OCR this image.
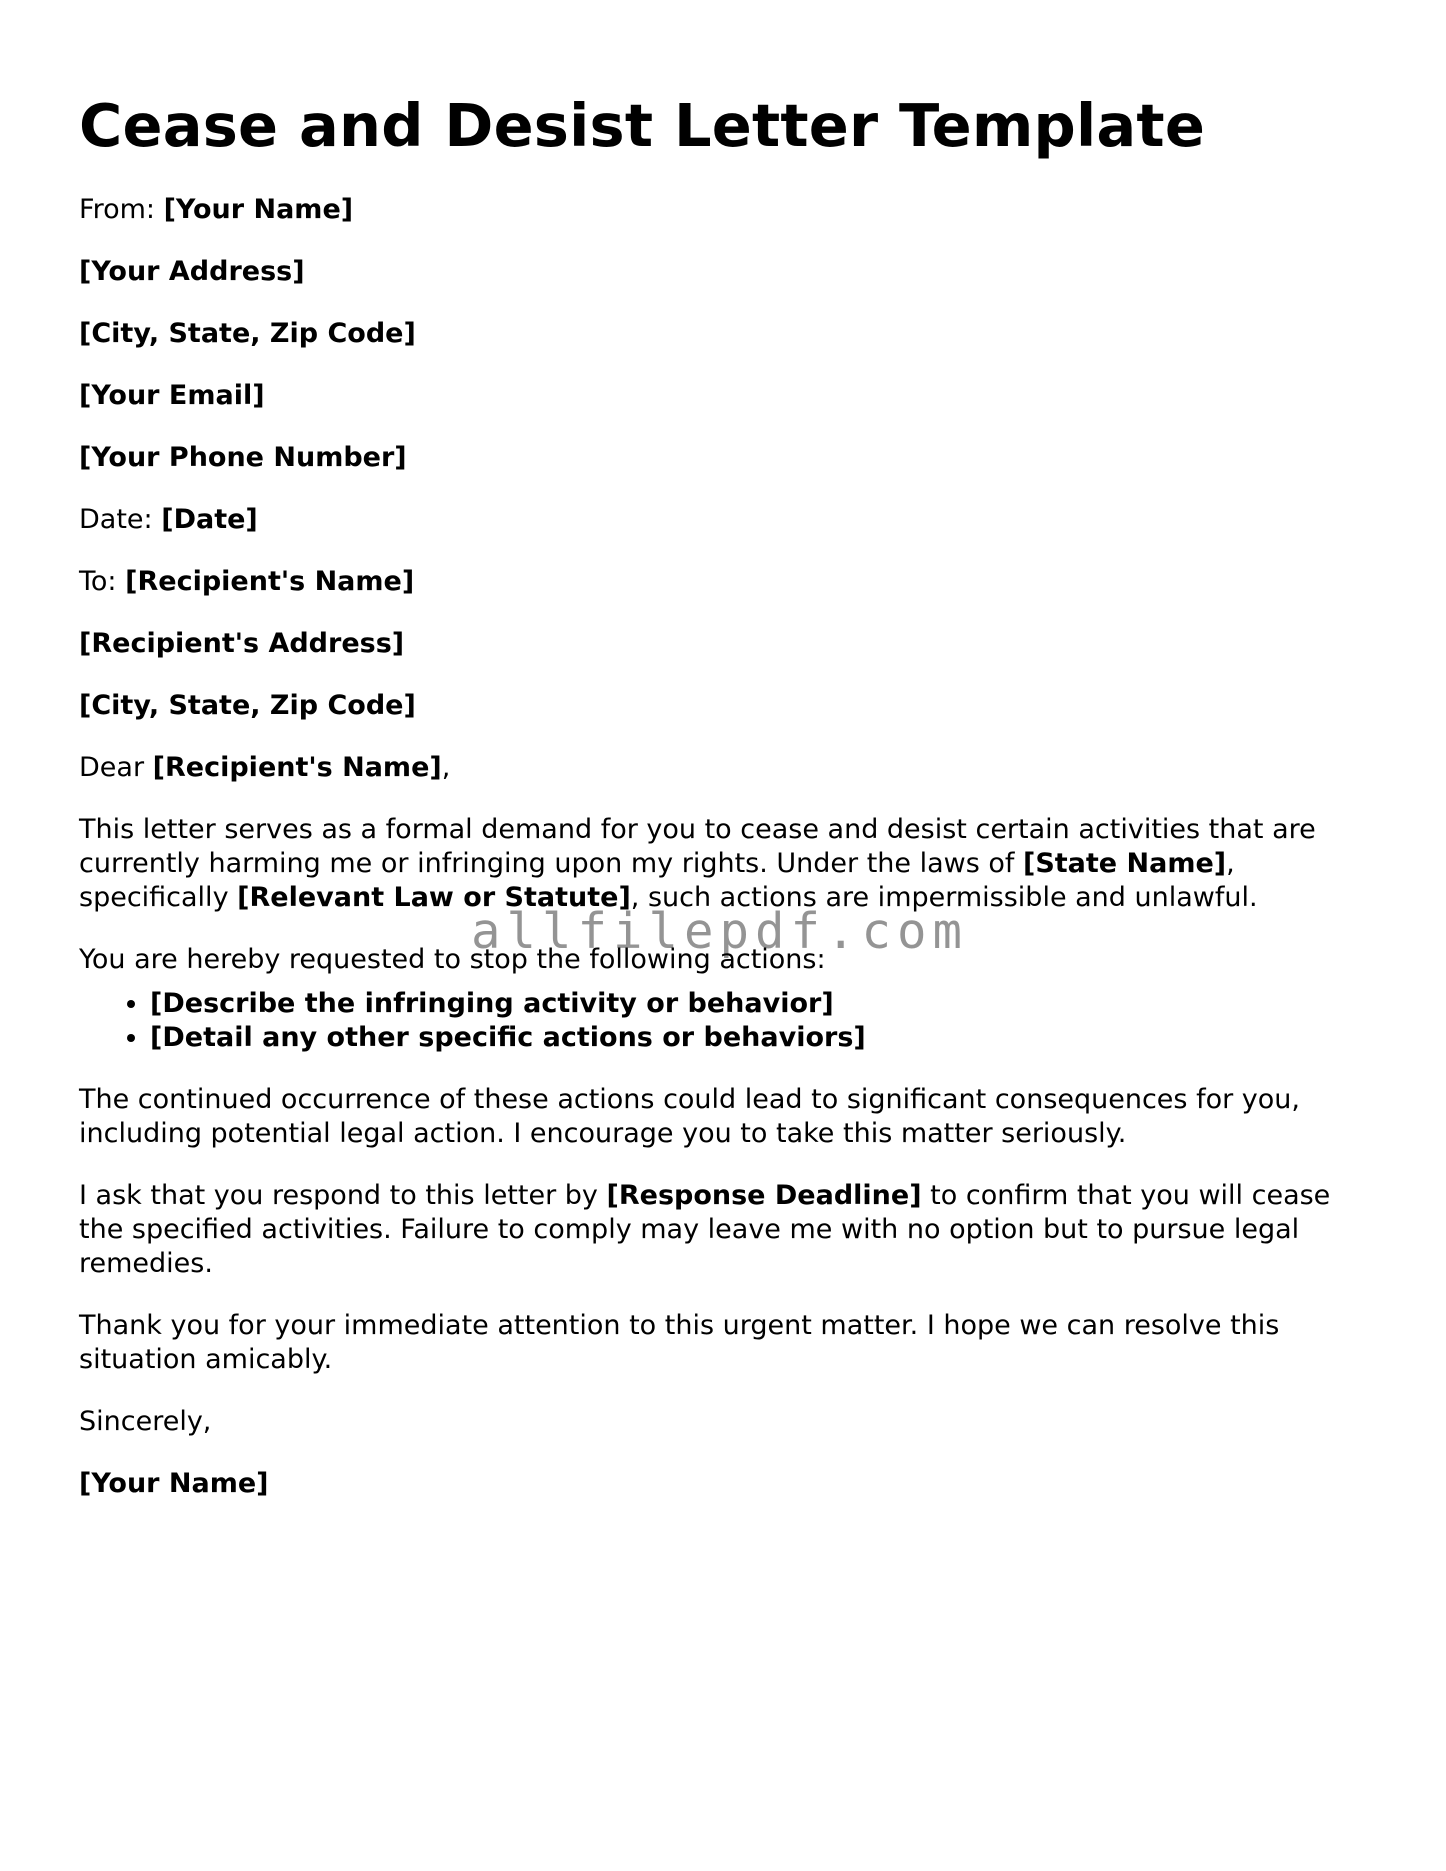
Cease and Desist Letter Template

From: [Your Name]

[Your Address]

[City, State, Zip Code]

[Your Email]

[Your Phone Number]

Date: [Date]

To: [Recipient's Name]

[Recipient's Address]

[City, State, Zip Code]

Dear [Recipient's Name],

This letter serves as a formal demand for you to cease and desist certain activities that are currently harming me or infringing upon my rights. Under the laws of [State Name], specifically [Relevant Law or Statute], such actions are impermissible and unlawful.

You are hereby requested to stop the following actions:

• [Describe the infringing activity or behavior]
• [Detail any other specific actions or behaviors]

The continued occurrence of these actions could lead to significant consequences for you, including potential legal action. I encourage you to take this matter seriously.

I ask that you respond to this letter by [Response Deadline] to confirm that you will cease the specified activities. Failure to comply may leave me with no option but to pursue legal remedies.

Thank you for your immediate attention to this urgent matter. I hope we can resolve this situation amicably.

Sincerely,

[Your Name]

allfilepdf.com
